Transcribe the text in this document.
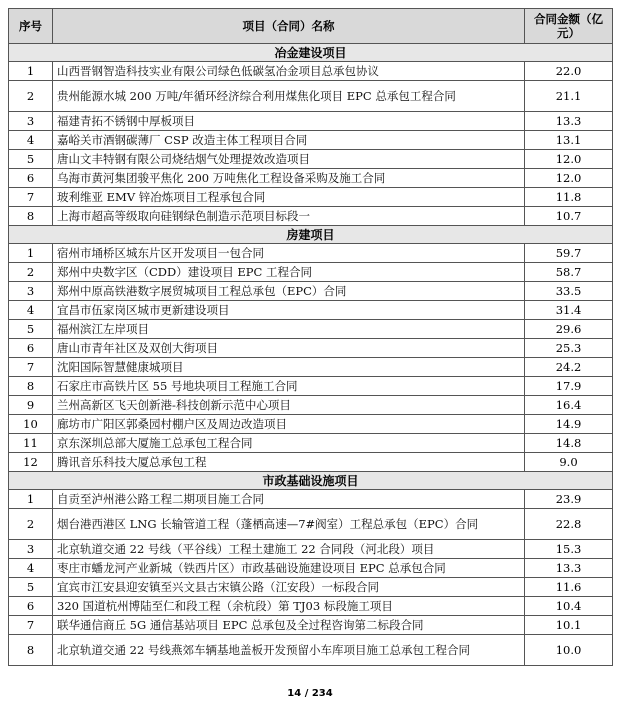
序号	项目（合同）名称	合同金额（亿元）
冶金建设项目		
1	山西晋钢智造科技实业有限公司绿色低碳氢冶金项目总承包协议	22.0
2	贵州能源水城 200 万吨/年循环经济综合利用煤焦化项目 EPC 总承包工程合同	21.1
3	福建青拓不锈钢中厚板项目	13.3
4	嘉峪关市酒钢碳薄厂 CSP 改造主体工程项目合同	13.1
5	唐山文丰特钢有限公司烧结烟气处理提效改造项目	12.0
6	乌海市黄河集团骏平焦化 200 万吨焦化工程设备采购及施工合同	12.0
7	玻利维亚 EMV 锌冶炼项目工程承包合同	11.8
8	上海市超高等级取向硅钢绿色制造示范项目标段一	10.7
房建项目		
1	宿州市埇桥区城东片区开发项目一包合同	59.7
2	郑州中央数字区（CDD）建设项目 EPC 工程合同	58.7
3	郑州中原高铁港数字展贸城项目工程总承包（EPC）合同	33.5
4	宜昌市伍家岗区城市更新建设项目	31.4
5	福州滨江左岸项目	29.6
6	唐山市青年社区及双创大街项目	25.3
7	沈阳国际智慧健康城项目	24.2
8	石家庄市高铁片区 55 号地块项目工程施工合同	17.9
9	兰州高新区飞天创新港-科技创新示范中心项目	16.4
10	廊坊市广阳区郭桑园村棚户区及周边改造项目	14.9
11	京东深圳总部大厦施工总承包工程合同	14.8
12	腾讯音乐科技大厦总承包工程	9.0
市政基础设施项目		
1	自贡至泸州港公路工程二期项目施工合同	23.9
2	烟台港西港区 LNG 长输管道工程（蓬栖高速—7#阀室）工程总承包（EPC）合同	22.8
3	北京轨道交通 22 号线（平谷线）工程土建施工 22 合同段（河北段）项目	15.3
4	枣庄市蟠龙河产业新城（铁西片区）市政基础设施建设项目 EPC 总承包合同	13.3
5	宜宾市江安县迎安镇至兴文县古宋镇公路（江安段）一标段合同	11.6
6	320 国道杭州博陆至仁和段工程（余杭段）第 TJ03 标段施工项目	10.4
7	联华通信商丘 5G 通信基站项目 EPC 总承包及全过程咨询第二标段合同	10.1
8	北京轨道交通 22 号线燕郊车辆基地盖板开发预留小车库项目施工总承包工程合同	10.0
14 / 234
